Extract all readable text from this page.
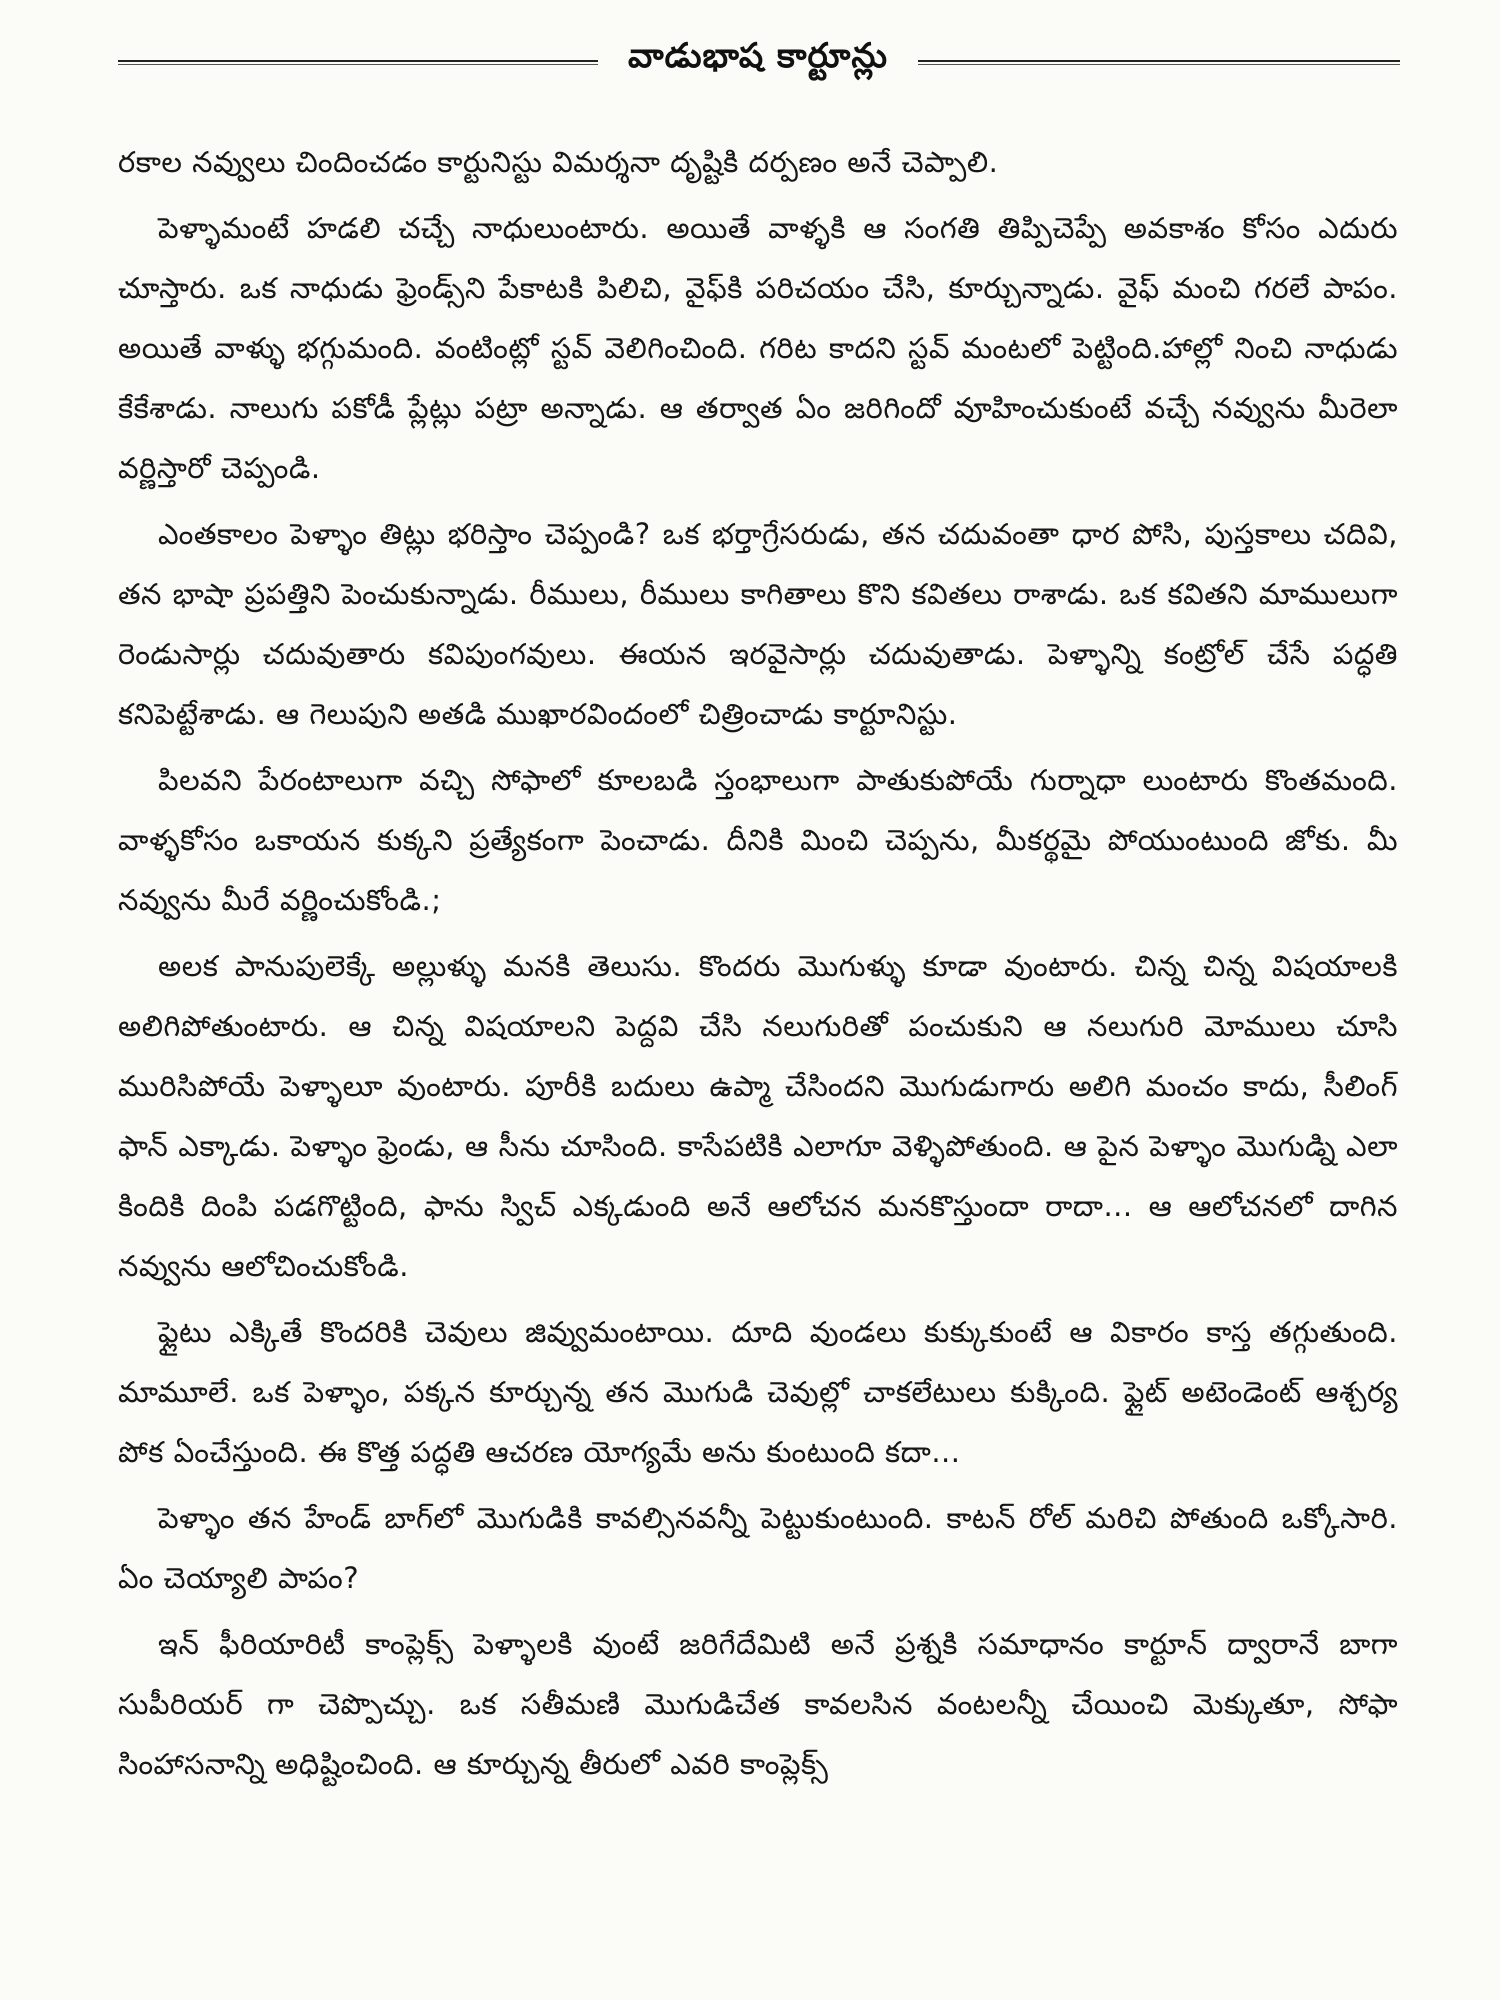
వాడుభాష కార్టూన్లు

రకాల నవ్వులు చిందించడం కార్టునిస్టు విమర్శనా దృష్టికి దర్పణం అనే చెప్పాలి.

పెళ్ళామంటే హడలి చచ్చే నాధులుంటారు. అయితే వాళ్ళకి ఆ సంగతి తిప్పిచెప్పే అవకాశం కోసం ఎదురు చూస్తారు. ఒక నాధుడు ఫ్రెండ్స్‌ని పేకాటకి పిలిచి, వైఫ్‌కి పరిచయం చేసి, కూర్చున్నాడు. వైఫ్ మంచి గరలే పాపం. అయితే వాళ్ళు భగ్గుమంది. వంటింట్లో స్టవ్ వెలిగించింది. గరిట కాదని స్టవ్ మంటలో పెట్టింది.హాల్లో నించి నాధుడు కేకేశాడు. నాలుగు పకోడీ ప్లేట్లు పట్రా అన్నాడు. ఆ తర్వాత ఏం జరిగిందో వూహించుకుంటే వచ్చే నవ్వును మీరెలా వర్ణిస్తారో చెప్పండి.

ఎంతకాలం పెళ్ళాం తిట్లు భరిస్తాం చెప్పండి? ఒక భర్తాగ్రేసరుడు, తన చదువంతా ధార పోసి, పుస్తకాలు చదివి, తన భాషా ప్రపత్తిని పెంచుకున్నాడు. రీములు, రీములు కాగితాలు కొని కవితలు రాశాడు. ఒక కవితని మాములుగా రెండుసార్లు చదువుతారు కవిపుంగవులు. ఈయన ఇరవైసార్లు చదువుతాడు. పెళ్ళాన్ని కంట్రోల్ చేసే పద్ధతి కనిపెట్టేశాడు. ఆ గెలుపుని అతడి ముఖారవిందంలో చిత్రించాడు కార్టూనిస్టు.

పిలవని పేరంటాలుగా వచ్చి సోఫాలో కూలబడి స్తంభాలుగా పాతుకుపోయే గుర్నాధా లుంటారు కొంతమంది. వాళ్ళకోసం ఒకాయన కుక్కని ప్రత్యేకంగా పెంచాడు. దీనికి మించి చెప్పను, మీకర్థమై పోయుంటుంది జోకు. మీ నవ్వును మీరే వర్ణించుకోండి.;

అలక పానుపులెక్కే అల్లుళ్ళు మనకి తెలుసు. కొందరు మొగుళ్ళు కూడా వుంటారు. చిన్న చిన్న విషయాలకి అలిగిపోతుంటారు. ఆ చిన్న విషయాలని పెద్దవి చేసి నలుగురితో పంచుకుని ఆ నలుగురి మోములు చూసి మురిసిపోయే పెళ్ళాలూ వుంటారు. పూరీకి బదులు ఉప్మా చేసిందని మొగుడుగారు అలిగి మంచం కాదు, సీలింగ్ ఫాన్ ఎక్కాడు. పెళ్ళాం ఫ్రెండు, ఆ సీను చూసింది. కాసేపటికి ఎలాగూ వెళ్ళిపోతుంది. ఆ పైన పెళ్ళాం మొగుడ్ని ఎలా కిందికి దింపి పడగొట్టింది, ఫాను స్విచ్ ఎక్కడుంది అనే ఆలోచన మనకొస్తుందా రాదా... ఆ ఆలోచనలో దాగిన నవ్వును ఆలోచించుకోండి.

ఫ్లైటు ఎక్కితే కొందరికి చెవులు జివ్వుమంటాయి. దూది వుండలు కుక్కుకుంటే ఆ వికారం కాస్త తగ్గుతుంది. మామూలే. ఒక పెళ్ళాం, పక్కన కూర్చున్న తన మొగుడి చెవుల్లో చాకలేటులు కుక్కింది. ఫ్లైట్ అటెండెంట్ ఆశ్చర్య పోక ఏంచేస్తుంది. ఈ కొత్త పద్ధతి ఆచరణ యోగ్యమే అను కుంటుంది కదా...

పెళ్ళాం తన హేండ్ బాగ్‌లో మొగుడికి కావల్సినవన్నీ పెట్టుకుంటుంది. కాటన్ రోల్ మరిచి పోతుంది ఒక్కోసారి. ఏం చెయ్యాలి పాపం?

ఇన్ ఫీరియారిటీ కాంప్లెక్స్ పెళ్ళాలకి వుంటే జరిగేదేమిటి అనే ప్రశ్నకి సమాధానం కార్టూన్ ద్వారానే బాగా సుపీరియర్ గా చెప్పొచ్చు. ఒక సతీమణి మొగుడిచేత కావలసిన వంటలన్నీ చేయించి మెక్కుతూ, సోఫా సింహాసనాన్ని అధిష్టించింది. ఆ కూర్చున్న తీరులో ఎవరి కాంప్లెక్స్
